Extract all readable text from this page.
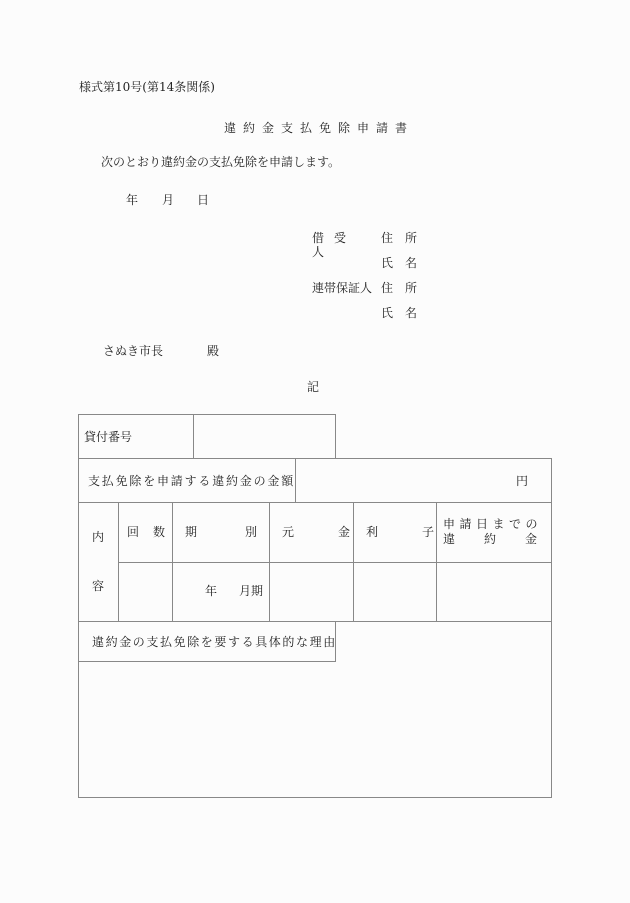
様式第10号(第14条関係)
違約金支払免除申請書
次のとおり違約金の支払免除を申請します。
年 月 日
借受人
住所
氏名
連帯保証人 住所
氏名
さぬき市長	殿
記
貸付番号
支払免除を申請する違約金の金額	円
内
容
回数 期別
元金
利子
申請日までの
違約金
年 月期
違約金の支払免除を要する具体的な理由
